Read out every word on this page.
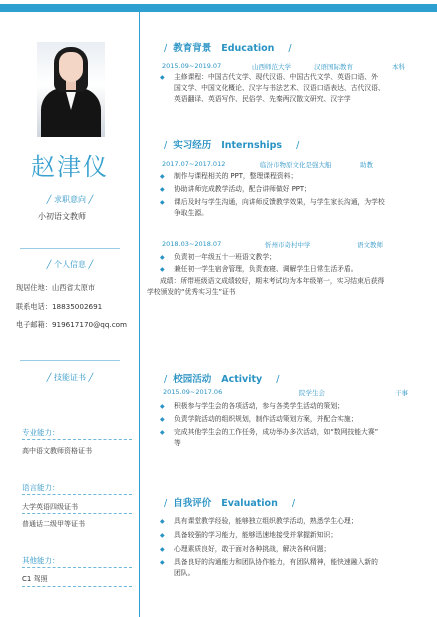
赵津仪
╱ 求职意向 ╱
小初语文教师
╱ 个人信息 ╱
现居住地：山西省太原市
联系电话：18835002691
电子邮箱：919617170@qq.com
╱ 技能证书 ╱
专业能力：
高中语文教师资格证书
语言能力：
大学英语四级证书
普通话二级甲等证书
其他能力：
C1 驾照
/ 教育背景 Education /
2015.09~2019.07	山西师范大学	汉语国际教育	本科
◆	主修课程：中国古代文学、现代汉语、中国古代文学、英语口语、外
国文学、中国文化概论、汉字与书法艺术、汉语口语表达、古代汉语、
英语翻译、英语写作、民俗学、先秦两汉散文研究、汉字学
/ 实习经历 Internships /
2017.07~2017.012	临汾市物原文化是强大船	助教
◆	制作与课程相关的 PPT，整理课程资料；
◆	协助讲师完成教学活动，配合讲师做好 PPT；
◆	课后及时与学生沟通，向讲师反馈教学效果，与学生家长沟通，为学校
争取生源。
2018.03~2018.07	忻州市奇村中学	语文教师
◆	负责初一年级五十一班语文教学；
◆	兼任初一学生宿舍管理，负责查寝、调解学生日常生活矛盾。
成绩：所带班级语文成绩较好，期末考试均为本年级第一，实习结束后获得
学校颁发的“优秀实习生”证书
/ 校园活动 Activity /
2015.09~2017.06	院学生会	干事
◆	积极参与学生会的各项活动，参与各类学生活动的策划；
◆	负责学院活动的组织规划，制作活动策划方案，并配合实施；
◆	完成其他学生会的工作任务，成功举办多次活动，如“数网技能大赛”
等
/ 自我评价 Evaluation /
◆	具有课堂教学经验，能够独立组织教学活动，熟悉学生心理；
◆	具备较强的学习能力，能够迅速地接受并掌握新知识；
◆	心理素质良好，敢于面对各种挑战，解决各种问题；
◆	具备良好的沟通能力和团队协作能力，有团队精神，能快速融入新的
团队。
